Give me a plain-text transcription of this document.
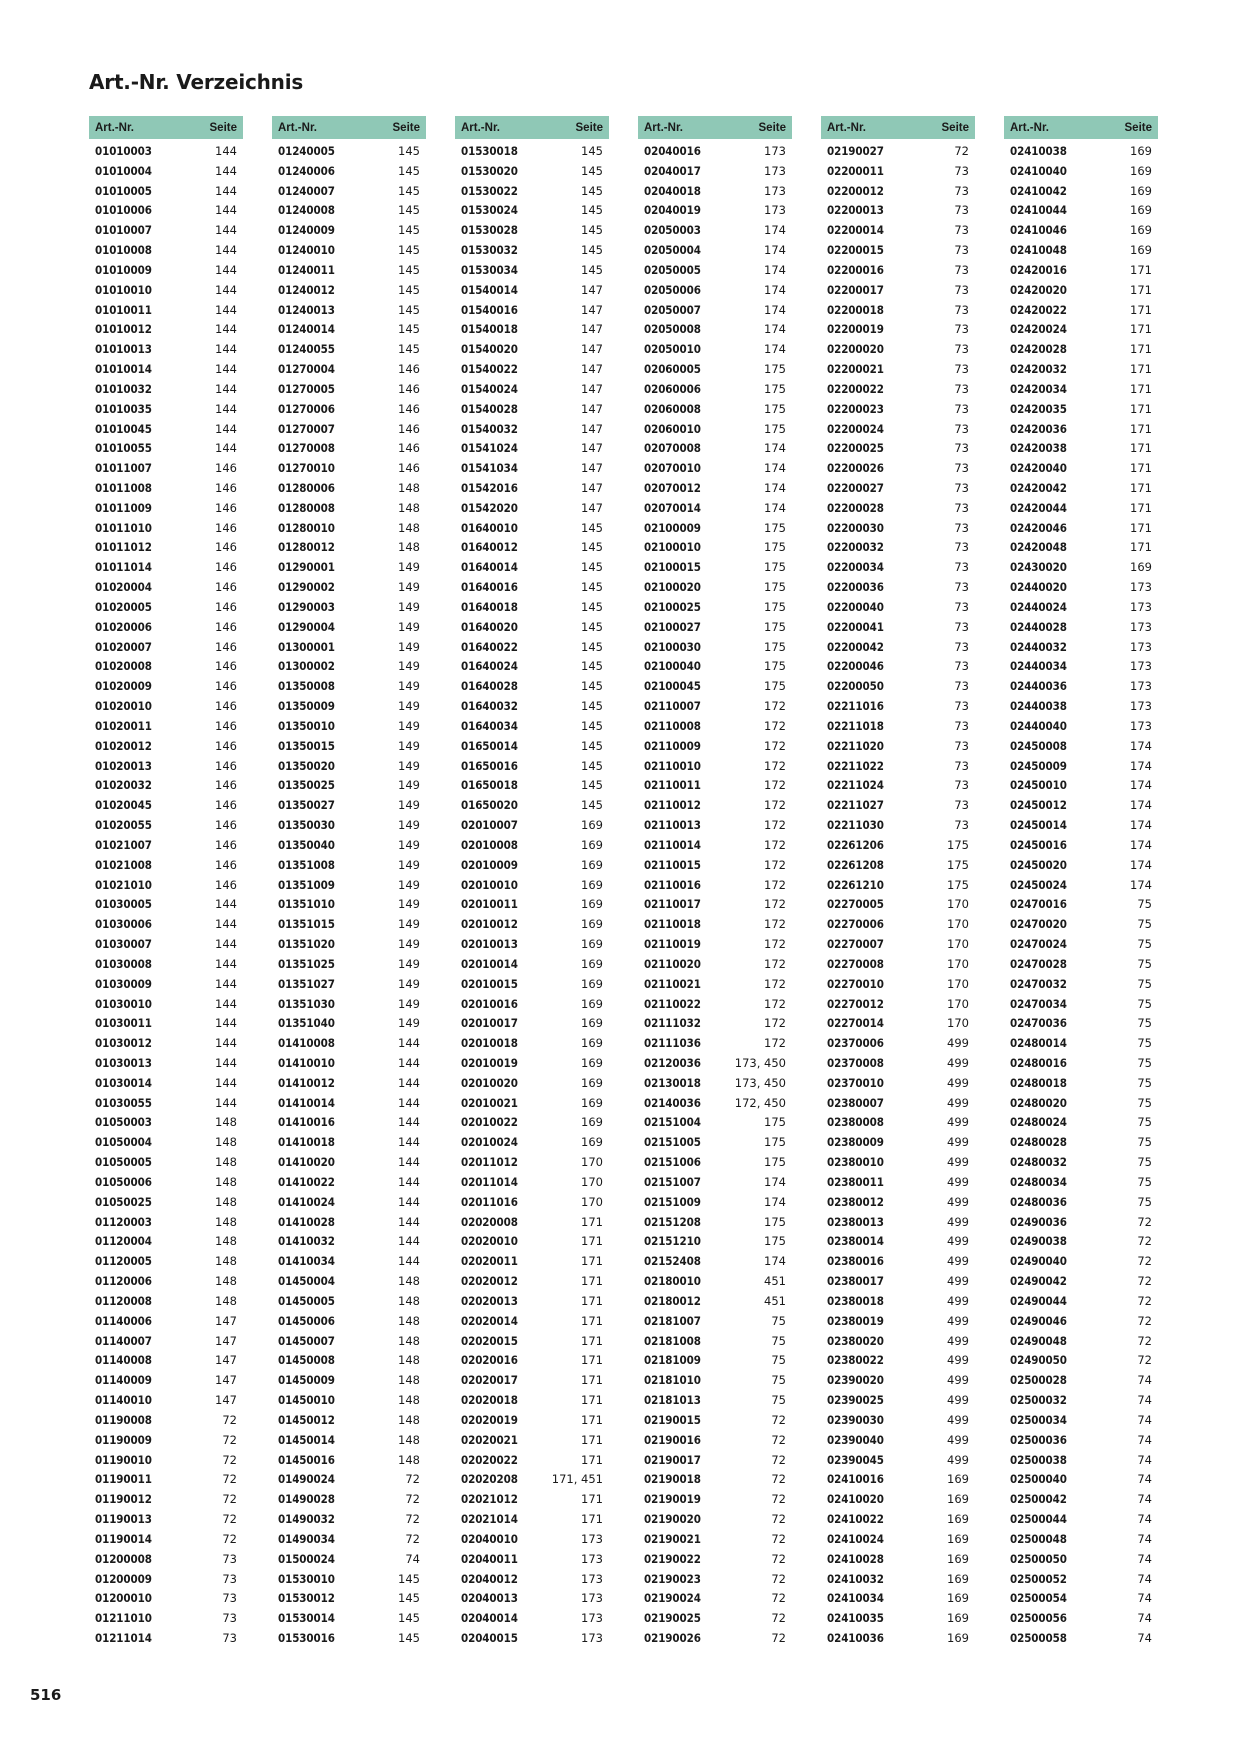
Art.-Nr. Verzeichnis
Art.-Nr.	Seite
01010003	144
01010004	144
01010005	144
01010006	144
01010007	144
01010008	144
01010009	144
01010010	144
01010011	144
01010012	144
01010013	144
01010014	144
01010032	144
01010035	144
01010045	144
01010055	144
01011007	146
01011008	146
01011009	146
01011010	146
01011012	146
01011014	146
01020004	146
01020005	146
01020006	146
01020007	146
01020008	146
01020009	146
01020010	146
01020011	146
01020012	146
01020013	146
01020032	146
01020045	146
01020055	146
01021007	146
01021008	146
01021010	146
01030005	144
01030006	144
01030007	144
01030008	144
01030009	144
01030010	144
01030011	144
01030012	144
01030013	144
01030014	144
01030055	144
01050003	148
01050004	148
01050005	148
01050006	148
01050025	148
01120003	148
01120004	148
01120005	148
01120006	148
01120008	148
01140006	147
01140007	147
01140008	147
01140009	147
01140010	147
01190008	72
01190009	72
01190010	72
01190011	72
01190012	72
01190013	72
01190014	72
01200008	73
01200009	73
01200010	73
01211010	73
01211014	73
Art.-Nr.	Seite
01240005	145
01240006	145
01240007	145
01240008	145
01240009	145
01240010	145
01240011	145
01240012	145
01240013	145
01240014	145
01240055	145
01270004	146
01270005	146
01270006	146
01270007	146
01270008	146
01270010	146
01280006	148
01280008	148
01280010	148
01280012	148
01290001	149
01290002	149
01290003	149
01290004	149
01300001	149
01300002	149
01350008	149
01350009	149
01350010	149
01350015	149
01350020	149
01350025	149
01350027	149
01350030	149
01350040	149
01351008	149
01351009	149
01351010	149
01351015	149
01351020	149
01351025	149
01351027	149
01351030	149
01351040	149
01410008	144
01410010	144
01410012	144
01410014	144
01410016	144
01410018	144
01410020	144
01410022	144
01410024	144
01410028	144
01410032	144
01410034	144
01450004	148
01450005	148
01450006	148
01450007	148
01450008	148
01450009	148
01450010	148
01450012	148
01450014	148
01450016	148
01490024	72
01490028	72
01490032	72
01490034	72
01500024	74
01530010	145
01530012	145
01530014	145
01530016	145
Art.-Nr.	Seite
01530018	145
01530020	145
01530022	145
01530024	145
01530028	145
01530032	145
01530034	145
01540014	147
01540016	147
01540018	147
01540020	147
01540022	147
01540024	147
01540028	147
01540032	147
01541024	147
01541034	147
01542016	147
01542020	147
01640010	145
01640012	145
01640014	145
01640016	145
01640018	145
01640020	145
01640022	145
01640024	145
01640028	145
01640032	145
01640034	145
01650014	145
01650016	145
01650018	145
01650020	145
02010007	169
02010008	169
02010009	169
02010010	169
02010011	169
02010012	169
02010013	169
02010014	169
02010015	169
02010016	169
02010017	169
02010018	169
02010019	169
02010020	169
02010021	169
02010022	169
02010024	169
02011012	170
02011014	170
02011016	170
02020008	171
02020010	171
02020011	171
02020012	171
02020013	171
02020014	171
02020015	171
02020016	171
02020017	171
02020018	171
02020019	171
02020021	171
02020022	171
02020208	171, 451
02021012	171
02021014	171
02040010	173
02040011	173
02040012	173
02040013	173
02040014	173
02040015	173
Art.-Nr.	Seite
02040016	173
02040017	173
02040018	173
02040019	173
02050003	174
02050004	174
02050005	174
02050006	174
02050007	174
02050008	174
02050010	174
02060005	175
02060006	175
02060008	175
02060010	175
02070008	174
02070010	174
02070012	174
02070014	174
02100009	175
02100010	175
02100015	175
02100020	175
02100025	175
02100027	175
02100030	175
02100040	175
02100045	175
02110007	172
02110008	172
02110009	172
02110010	172
02110011	172
02110012	172
02110013	172
02110014	172
02110015	172
02110016	172
02110017	172
02110018	172
02110019	172
02110020	172
02110021	172
02110022	172
02111032	172
02111036	172
02120036	173, 450
02130018	173, 450
02140036	172, 450
02151004	175
02151005	175
02151006	175
02151007	174
02151009	174
02151208	175
02151210	175
02152408	174
02180010	451
02180012	451
02181007	75
02181008	75
02181009	75
02181010	75
02181013	75
02190015	72
02190016	72
02190017	72
02190018	72
02190019	72
02190020	72
02190021	72
02190022	72
02190023	72
02190024	72
02190025	72
02190026	72
Art.-Nr.	Seite
02190027	72
02200011	73
02200012	73
02200013	73
02200014	73
02200015	73
02200016	73
02200017	73
02200018	73
02200019	73
02200020	73
02200021	73
02200022	73
02200023	73
02200024	73
02200025	73
02200026	73
02200027	73
02200028	73
02200030	73
02200032	73
02200034	73
02200036	73
02200040	73
02200041	73
02200042	73
02200046	73
02200050	73
02211016	73
02211018	73
02211020	73
02211022	73
02211024	73
02211027	73
02211030	73
02261206	175
02261208	175
02261210	175
02270005	170
02270006	170
02270007	170
02270008	170
02270010	170
02270012	170
02270014	170
02370006	499
02370008	499
02370010	499
02380007	499
02380008	499
02380009	499
02380010	499
02380011	499
02380012	499
02380013	499
02380014	499
02380016	499
02380017	499
02380018	499
02380019	499
02380020	499
02380022	499
02390020	499
02390025	499
02390030	499
02390040	499
02390045	499
02410016	169
02410020	169
02410022	169
02410024	169
02410028	169
02410032	169
02410034	169
02410035	169
02410036	169
Art.-Nr.	Seite
02410038	169
02410040	169
02410042	169
02410044	169
02410046	169
02410048	169
02420016	171
02420020	171
02420022	171
02420024	171
02420028	171
02420032	171
02420034	171
02420035	171
02420036	171
02420038	171
02420040	171
02420042	171
02420044	171
02420046	171
02420048	171
02430020	169
02440020	173
02440024	173
02440028	173
02440032	173
02440034	173
02440036	173
02440038	173
02440040	173
02450008	174
02450009	174
02450010	174
02450012	174
02450014	174
02450016	174
02450020	174
02450024	174
02470016	75
02470020	75
02470024	75
02470028	75
02470032	75
02470034	75
02470036	75
02480014	75
02480016	75
02480018	75
02480020	75
02480024	75
02480028	75
02480032	75
02480034	75
02480036	75
02490036	72
02490038	72
02490040	72
02490042	72
02490044	72
02490046	72
02490048	72
02490050	72
02500028	74
02500032	74
02500034	74
02500036	74
02500038	74
02500040	74
02500042	74
02500044	74
02500048	74
02500050	74
02500052	74
02500054	74
02500056	74
02500058	74
516
